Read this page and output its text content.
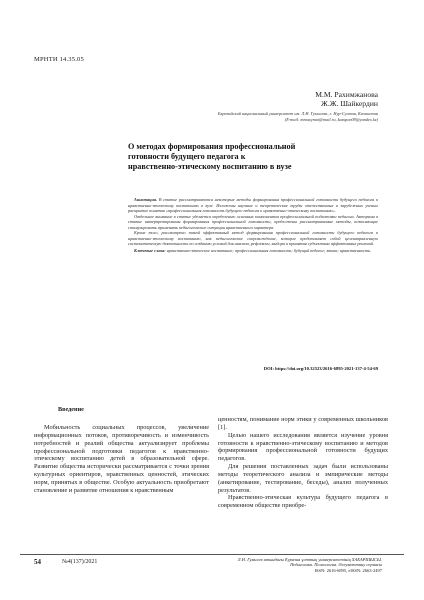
МРНТИ 14.35.05
М.М. Рахимжанова
Ж.Ж. Шайкердин
Евразийский национальный университет им. Л.Н. Гумилева, г. Нур-Султан, Казахстан
(E-mail: mmaxymat@mail.ru, kazspon09@yandex.kz)
О методах формирования профессиональной
готовности будущего педагога к
нравственно-этическому воспитанию в вузе

Аннотация. В статье рассматриваются некоторые методы формирования профессиональной готовности будущего педагога к нравственно-этическому воспитанию в вузе. Изложены научные и теоретические труды отечественных и зарубежных ученых раскрытие понятия «профессиональная готовность будущего педагога к нравственно-этическому воспитанию».

Отдельное внимание в статье уделяется определению основных компонентов профессиональной подготовки педагога. Авторами в статье интерпретированы формирования профессиональной готовности, предложены рассматриваемые методы, позволяющие стимулировать применять педагогические ситуации нравственного характера.

Кроме того, рассмотрено такой эффективный метод формирования профессиональной готовности будущего педагога к нравственно-этическому воспитанию, как педагогическое сопровождение, которое представляет собой целенаправленную систематическую деятельность по созданию условий для анализа, рефлексии, выбора и принятия субъектами эффективных решений.

Ключевые слова: нравственно-этическое воспитание; профессиональная готовность; будущий педагог; этика; нравственность.

DOI: https://doi.org/10.32523/2616-6895-2021-137-4-54-69
Введение

Мобильность социальных процессов, увеличение информационных потоков, противоречивость и изменчивость потребностей и реалий общества актуализирует проблемы профессиональной подготовки педагогов к нравственно-этическому воспитанию детей в образовательной сфере. Развитие общества исторически рассматривается с точки зрения культурных ориентиров, нравственных ценностей, этических норм, принятых в обществе. Особую актуальность приобретают становление и развитие отношения к нравственным

ценностям, понимание норм этики у современных школьников [1].

Целью нашего исследования является изучение уровня готовности к нравственно-этическому воспитанию и методов формирования профессиональной готовности будущих педагогов.

Для решения поставленных задач были использованы методы теоретического анализа и эмпирические методы (анкетирование, тестирование, беседы), анализ полученных результатов.

Нравственно-этическая культура будущего педагога в современном обществе приобре-

54	№4(137)/2021	Л.Н. Гумилев атындағы Еуразия ұлттық университетінің ХАБАРШЫСЫ.
Педагогика. Психология. Әлеуметтану сериясы
ISSN: 2616-6895, eISSN: 2663-2497
